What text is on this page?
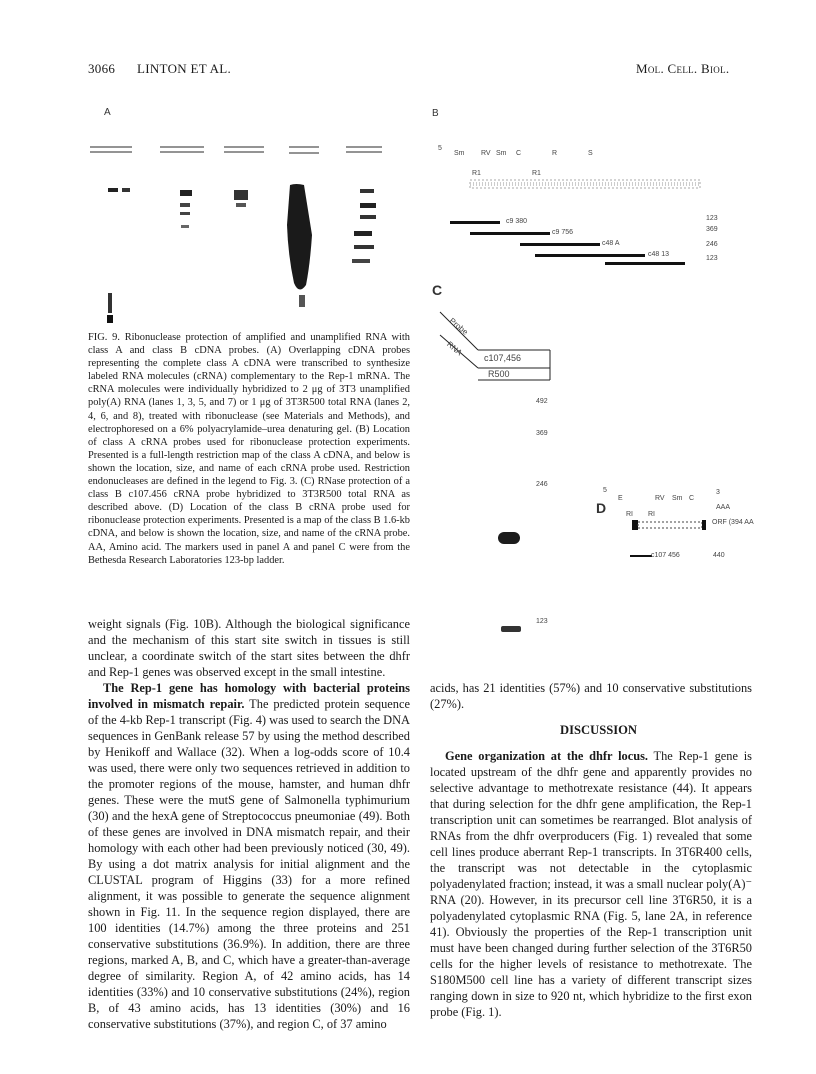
3066 LINTON ET AL.	Mol. Cell. Biol.
A	B
5
Sm RV Sm C	R	S
R1	R1
c9 380
c9 756
c48 A
c48 13
123
369
246
123
C
Probe
RNA
c107,456
R500
492
369
246
123
D
5	3
E	RV Sm C
AAA
RI RI
ORF (394 AA
c107 456	440
FIG. 9. Ribonuclease protection of amplified and unamplified RNA with class A and class B cDNA probes. (A) Overlapping cDNA probes representing the complete class A cDNA were transcribed to synthesize labeled RNA molecules (cRNA) complementary to the Rep-1 mRNA. The cRNA molecules were individually hybridized to 2 μg of 3T3 unamplified poly(A) RNA (lanes 1, 3, 5, and 7) or 1 μg of 3T3R500 total RNA (lanes 2, 4, 6, and 8), treated with ribonuclease (see Materials and Methods), and electrophoresed on a 6% polyacrylamide–urea denaturing gel. (B) Location of class A cRNA probes used for ribonuclease protection experiments. Presented is a full-length restriction map of the class A cDNA, and below is shown the location, size, and name of each cRNA probe used. Restriction endonucleases are defined in the legend to Fig. 3. (C) RNase protection of a class B c107.456 cRNA probe hybridized to 3T3R500 total RNA as described above. (D) Location of the class B cRNA probe used for ribonuclease protection experiments. Presented is a map of the class B 1.6-kb cDNA, and below is shown the location, size, and name of the cRNA probe. AA, Amino acid. The markers used in panel A and panel C were from the Bethesda Research Laboratories 123-bp ladder.

weight signals (Fig. 10B). Although the biological significance and the mechanism of this start site switch in tissues is still unclear, a coordinate switch of the start sites between the dhfr and Rep-1 genes was observed except in the small intestine.

The Rep-1 gene has homology with bacterial proteins involved in mismatch repair. The predicted protein sequence of the 4-kb Rep-1 transcript (Fig. 4) was used to search the DNA sequences in GenBank release 57 by using the method described by Henikoff and Wallace (32). When a log-odds score of 10.4 was used, there were only two sequences retrieved in addition to the promoter regions of the mouse, hamster, and human dhfr genes. These were the mutS gene of Salmonella typhimurium (30) and the hexA gene of Streptococcus pneumoniae (49). Both of these genes are involved in DNA mismatch repair, and their homology with each other had been previously noticed (30, 49). By using a dot matrix analysis for initial alignment and the CLUSTAL program of Higgins (33) for a more refined alignment, it was possible to generate the sequence alignment shown in Fig. 11. In the sequence region displayed, there are 100 identities (14.7%) among the three proteins and 251 conservative substitutions (36.9%). In addition, there are three regions, marked A, B, and C, which have a greater-than-average degree of similarity. Region A, of 42 amino acids, has 14 identities (33%) and 10 conservative substitutions (24%), region B, of 43 amino acids, has 13 identities (30%) and 16 conservative substitutions (37%), and region C, of 37 amino

acids, has 21 identities (57%) and 10 conservative substitutions (27%).

DISCUSSION

Gene organization at the dhfr locus. The Rep-1 gene is located upstream of the dhfr gene and apparently provides no selective advantage to methotrexate resistance (44). It appears that during selection for the dhfr gene amplification, the Rep-1 transcription unit can sometimes be rearranged. Blot analysis of RNAs from the dhfr overproducers (Fig. 1) revealed that some cell lines produce aberrant Rep-1 transcripts. In 3T6R400 cells, the transcript was not detectable in the cytoplasmic polyadenylated fraction; instead, it was a small nuclear poly(A)⁻ RNA (20). However, in its precursor cell line 3T6R50, it is a polyadenylated cytoplasmic RNA (Fig. 5, lane 2A, in reference 41). Obviously the properties of the Rep-1 transcription unit must have been changed during further selection of the 3T6R50 cells for the higher levels of resistance to methotrexate. The S180M500 cell line has a variety of different transcript sizes ranging down in size to 920 nt, which hybridize to the first exon probe (Fig. 1).
